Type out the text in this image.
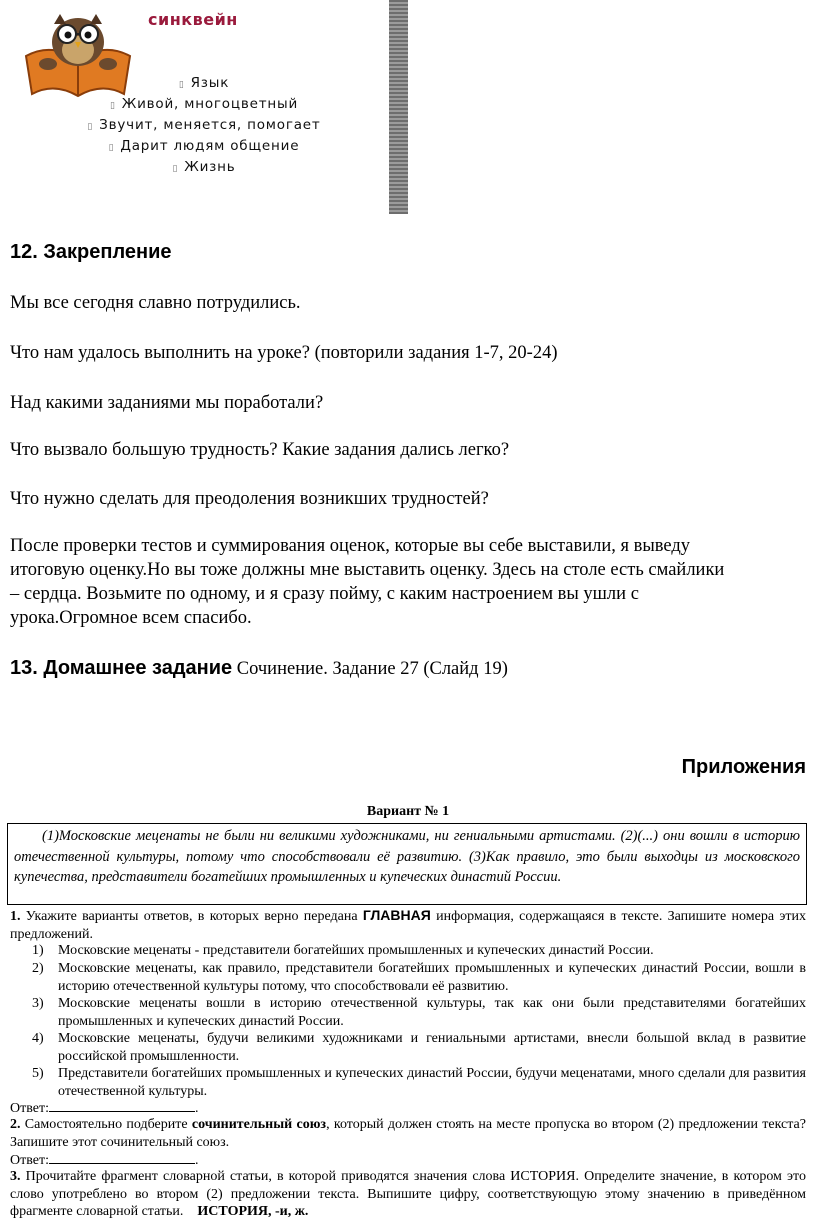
синквейн
▯ Язык
▯ Живой, многоцветный
▯ Звучит, меняется, помогает
▯ Дарит людям общение
▯ Жизнь
12. Закрепление
Мы все сегодня славно потрудились.
Что нам удалось выполнить на уроке? (повторили задания 1-7, 20-24)
Над какими заданиями мы поработали?
Что вызвало большую трудность? Какие задания дались легко?
Что нужно сделать для преодоления возникших трудностей?
После проверки тестов и суммирования оценок, которые вы себе выставили, я выведу
итоговую оценку.Но вы тоже должны мне выставить оценку. Здесь на столе есть смайлики
– сердца. Возьмите по одному, и я сразу пойму, с каким настроением вы ушли с
урока.Огромное всем спасибо.
13. Домашнее задание Сочинение. Задание 27 (Слайд 19)
Приложения
Вариант № 1
(1)Московские меценаты не были ни великими художниками, ни гениальными артистами. (2)(...) они вошли в историю отечественной культуры, потому что способствовали её развитию. (3)Как правило, это были выходцы из московского купечества, представители богатейших промышленных и купеческих династий России.
1. Укажите варианты ответов, в которых верно передана ГЛАВНАЯ информация, содержащаяся в тексте. Запишите номера этих предложений.
1) Московские меценаты - представители богатейших промышленных и купеческих династий России.
2) Московские меценаты, как правило, представители богатейших промышленных и купеческих династий России, вошли в историю отечественной культуры потому, что способствовали её развитию.
3) Московские меценаты вошли в историю отечественной культуры, так как они были представителями богатейших промышленных и купеческих династий России.
4) Московские меценаты, будучи великими художниками и гениальными артистами, внесли большой вклад в развитие российской промышленности.
5) Представители богатейших промышленных и купеческих династий России, будучи меценатами, много сделали для развития отечественной культуры.
Ответ:	.
2. Самостоятельно подберите сочинительный союз, который должен стоять на месте пропуска во втором (2) предложении текста? Запишите этот сочинительный союз.
Ответ:	.
3. Прочитайте фрагмент словарной статьи, в которой приводятся значения слова ИСТОРИЯ. Определите значение, в котором это слово употреблено во втором (2) предложении текста. Выпишите цифру, соответствующую этому значению в приведённом фрагменте словарной статьи. ИСТОРИЯ, -и, ж.
